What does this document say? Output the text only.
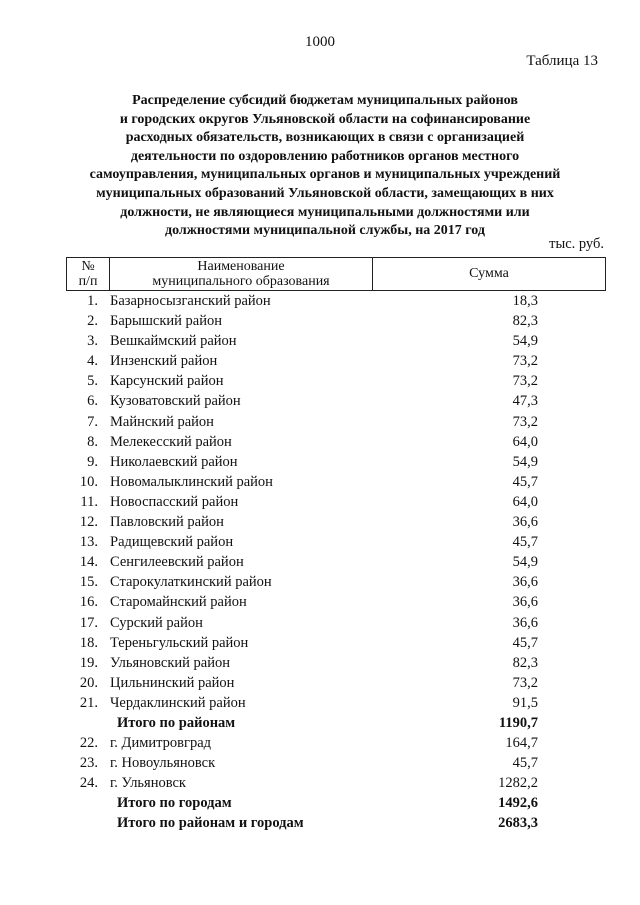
1000
Таблица 13
Распределение субсидий бюджетам муниципальных районов
и городских округов Ульяновской области на софинансирование
расходных обязательств, возникающих в связи с организацией
деятельности по оздоровлению работников органов местного
самоуправления, муниципальных органов и муниципальных учреждений
муниципальных образований Ульяновской области, замещающих в них
должности, не являющиеся муниципальными должностями или
должностями муниципальной службы, на 2017 год
тыс. руб.
№
п/п
Наименование
муниципального образования
Сумма
1. Базарносызганский район	18,3
2. Барышский район	82,3
3. Вешкаймский район	54,9
4. Инзенский район	73,2
5. Карсунский район	73,2
6. Кузоватовский район	47,3
7. Майнский район	73,2
8. Мелекесский район	64,0
9. Николаевский район	54,9
10. Новомалыклинский район	45,7
11. Новоспасский район	64,0
12. Павловский район	36,6
13. Радищевский район	45,7
14. Сенгилеевский район	54,9
15. Старокулаткинский район	36,6
16. Старомайнский район	36,6
17. Сурский район	36,6
18. Тереньгульский район	45,7
19. Ульяновский район	82,3
20. Цильнинский район	73,2
21. Чердаклинский район	91,5
Итого по районам	1190,7
22. г. Димитровград	164,7
23. г. Новоульяновск	45,7
24. г. Ульяновск	1282,2
Итого по городам	1492,6
Итого по районам и городам	2683,3
